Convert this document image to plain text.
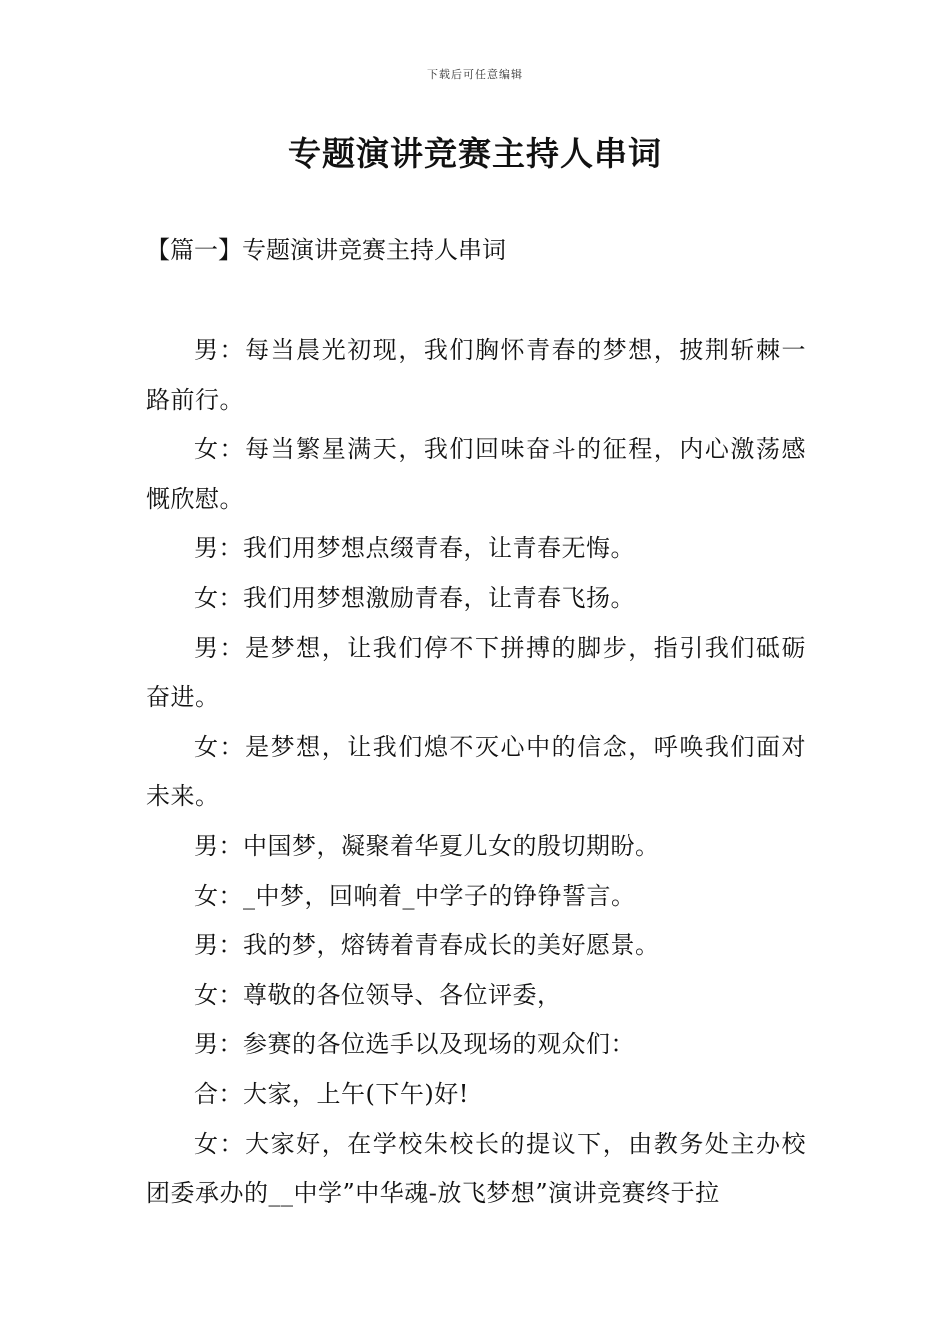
下载后可任意编辑
专题演讲竞赛主持人串词
【篇一】专题演讲竞赛主持人串词

男：每当晨光初现，我们胸怀青春的梦想，披荆斩棘一路前行。

女：每当繁星满天，我们回味奋斗的征程，内心激荡感慨欣慰。

男：我们用梦想点缀青春，让青春无悔。

女：我们用梦想激励青春，让青春飞扬。

男：是梦想，让我们停不下拼搏的脚步，指引我们砥砺奋进。

女：是梦想，让我们熄不灭心中的信念，呼唤我们面对未来。

男：中国梦，凝聚着华夏儿女的殷切期盼。

女：_中梦，回响着_中学子的铮铮誓言。

男：我的梦，熔铸着青春成长的美好愿景。

女：尊敬的各位领导、各位评委，

男：参赛的各位选手以及现场的观众们：

合：大家，上午(下午)好!

女：大家好，在学校朱校长的提议下，由教务处主办校团委承办的__中学”中华魂-放飞梦想”演讲竞赛终于拉
